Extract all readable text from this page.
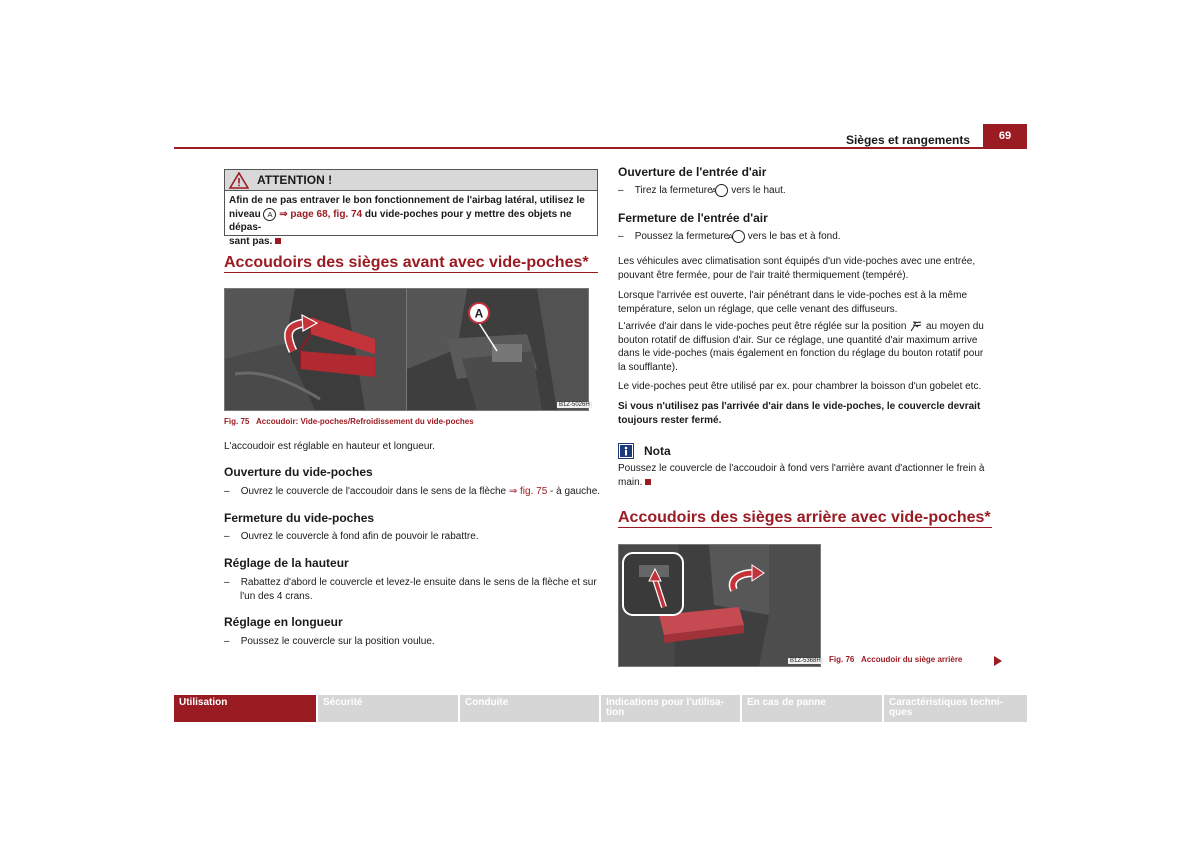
Sièges et rangements	69
ATTENTION !
Afin de ne pas entraver le bon fonctionnement de l'airbag latéral, utilisez le
niveau A ⇒ page 68, fig. 74 du vide-poches pour y mettre des objets ne dépas-
sant pas.
Accoudoirs des sièges avant avec vide-poches*
A
B1Z-5026H
Fig. 75 Accoudoir: Vide-poches/Refroidissement du vide-poches
L'accoudoir est réglable en hauteur et longueur.
Ouverture du vide-poches
–    Ouvrez le couvercle de l'accoudoir dans le sens de la flèche ⇒ fig. 75 - à gauche.
Fermeture du vide-poches
–    Ouvrez le couvercle à fond afin de pouvoir le rabattre.
Réglage de la hauteur
–    Rabattez d'abord le couvercle et levez-le ensuite dans le sens de la flèche et sur l'un des 4 crans.
Réglage en longueur
–    Poussez le couvercle sur la position voulue.
Ouverture de l'entrée d'air
–    Tirez la fermeture A vers le haut.
Fermeture de l'entrée d'air
–    Poussez la fermeture A vers le bas et à fond.
Les véhicules avec climatisation sont équipés d'un vide-poches avec une entrée, pouvant être fermée, pour de l'air traité thermiquement (tempéré).
Lorsque l'arrivée est ouverte, l'air pénétrant dans le vide-poches est à la même température, selon un réglage, que celle venant des diffuseurs.
L'arrivée d'air dans le vide-poches peut être réglée sur la position au moyen du bouton rotatif de diffusion d'air. Sur ce réglage, une quantité d'air maximum arrive dans le vide-poches (mais également en fonction du réglage du bouton rotatif pour la soufflante).
Le vide-poches peut être utilisé par ex. pour chambrer la boisson d'un gobelet etc.
Si vous n'utilisez pas l'arrivée d'air dans le vide-poches, le couvercle devrait toujours rester fermé.
Nota
Poussez le couvercle de l'accoudoir à fond vers l'arrière avant d'actionner le frein à main.
Accoudoirs des sièges arrière avec vide-poches*
B1Z-5368H Fig. 76 Accoudoir du siège arrière
Utilisation	Sécurité	Conduite	Indications pour l'utilisa-tion
En cas de panne	Caractéristiques techni-ques
